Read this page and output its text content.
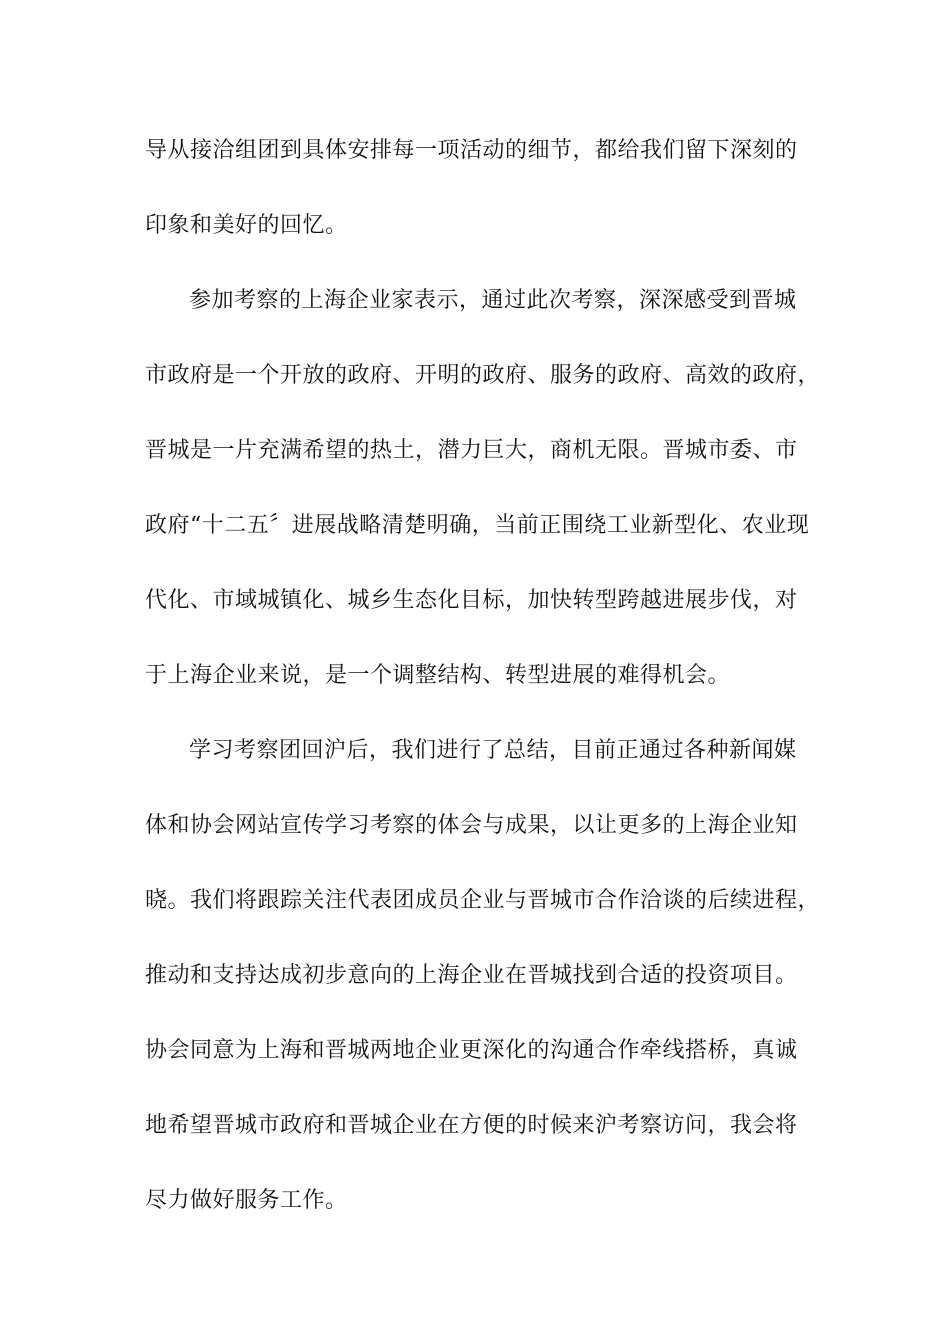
导从接洽组团到具体安排每一项活动的细节，都给我们留下深刻的
印象和美好的回忆。
参加考察的上海企业家表示，通过此次考察，深深感受到晋城
市政府是一个开放的政府、开明的政府、服务的政府、高效的政府，
晋城是一片充满希望的热土，潜力巨大，商机无限。晋城市委、市
政府“十二五〞进展战略清楚明确，当前正围绕工业新型化、农业现
代化、市域城镇化、城乡生态化目标，加快转型跨越进展步伐，对
于上海企业来说，是一个调整结构、转型进展的难得机会。
学习考察团回沪后，我们进行了总结，目前正通过各种新闻媒
体和协会网站宣传学习考察的体会与成果，以让更多的上海企业知
晓。我们将跟踪关注代表团成员企业与晋城市合作洽谈的后续进程，
推动和支持达成初步意向的上海企业在晋城找到合适的投资项目。
协会同意为上海和晋城两地企业更深化的沟通合作牵线搭桥，真诚
地希望晋城市政府和晋城企业在方便的时候来沪考察访问，我会将
尽力做好服务工作。
